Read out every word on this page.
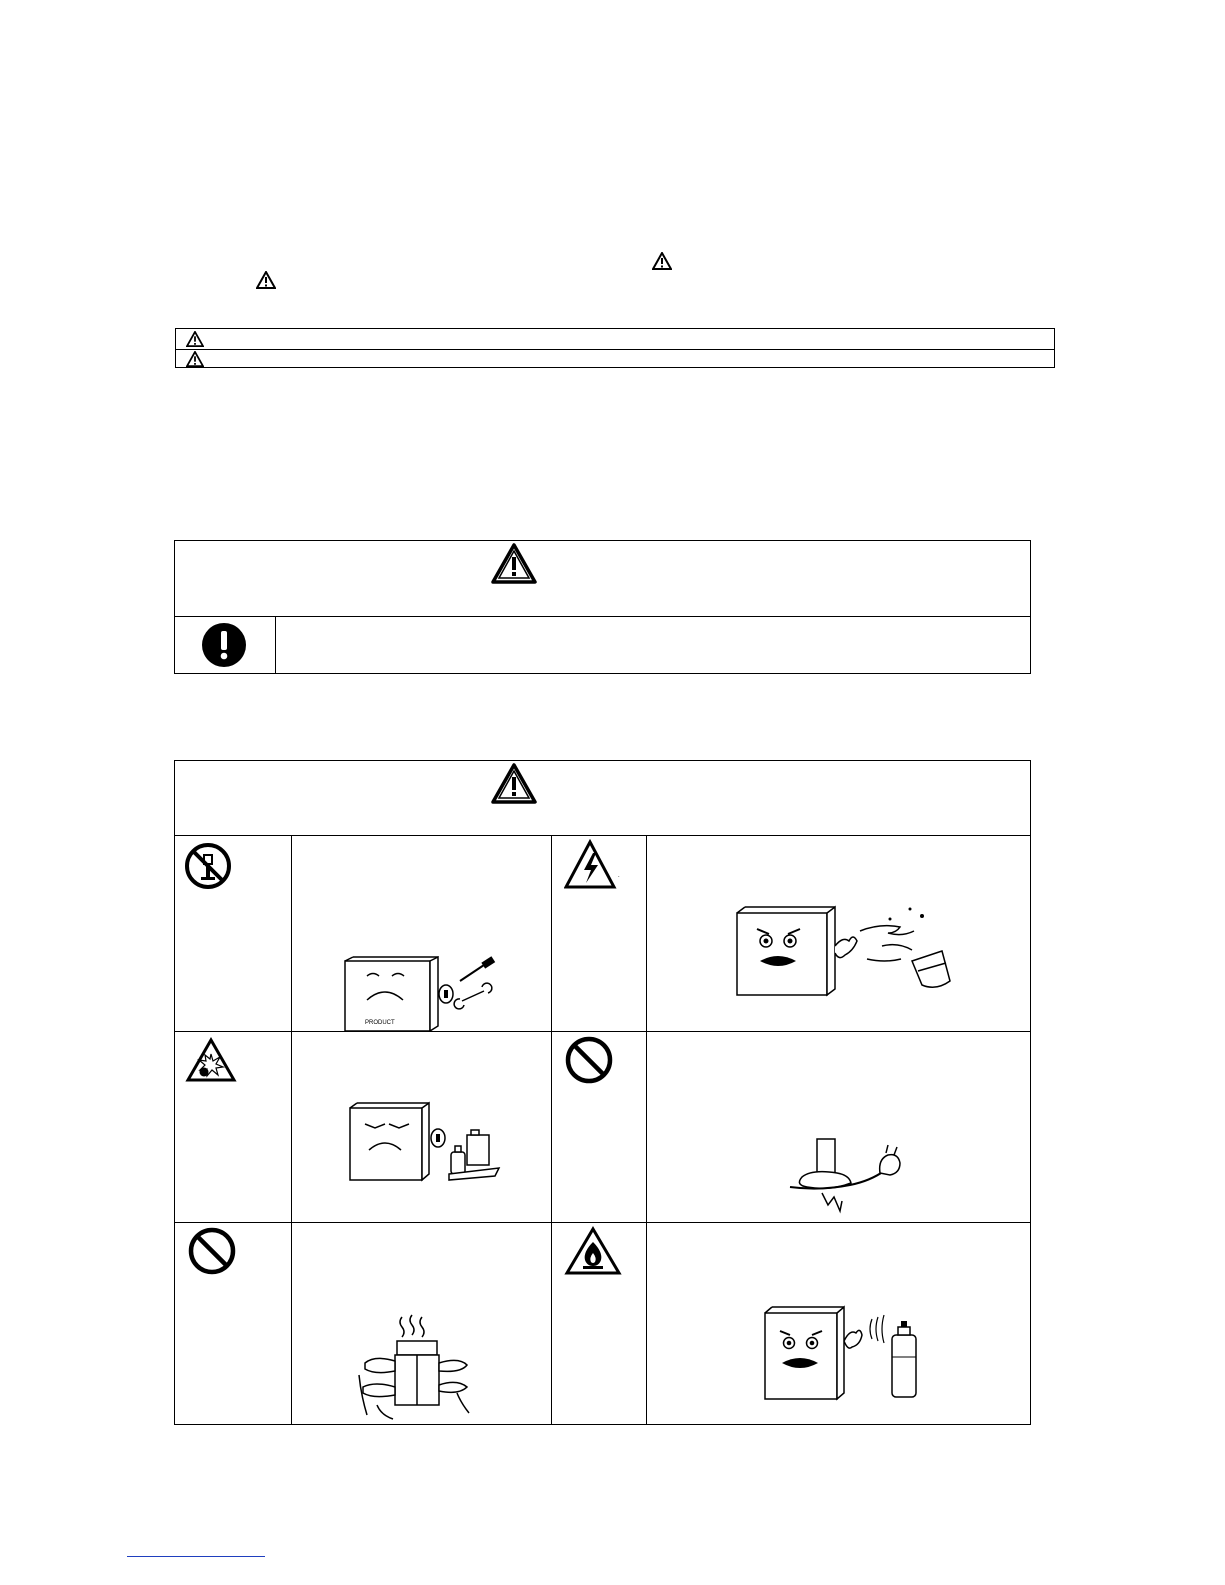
PRODUCT
.
